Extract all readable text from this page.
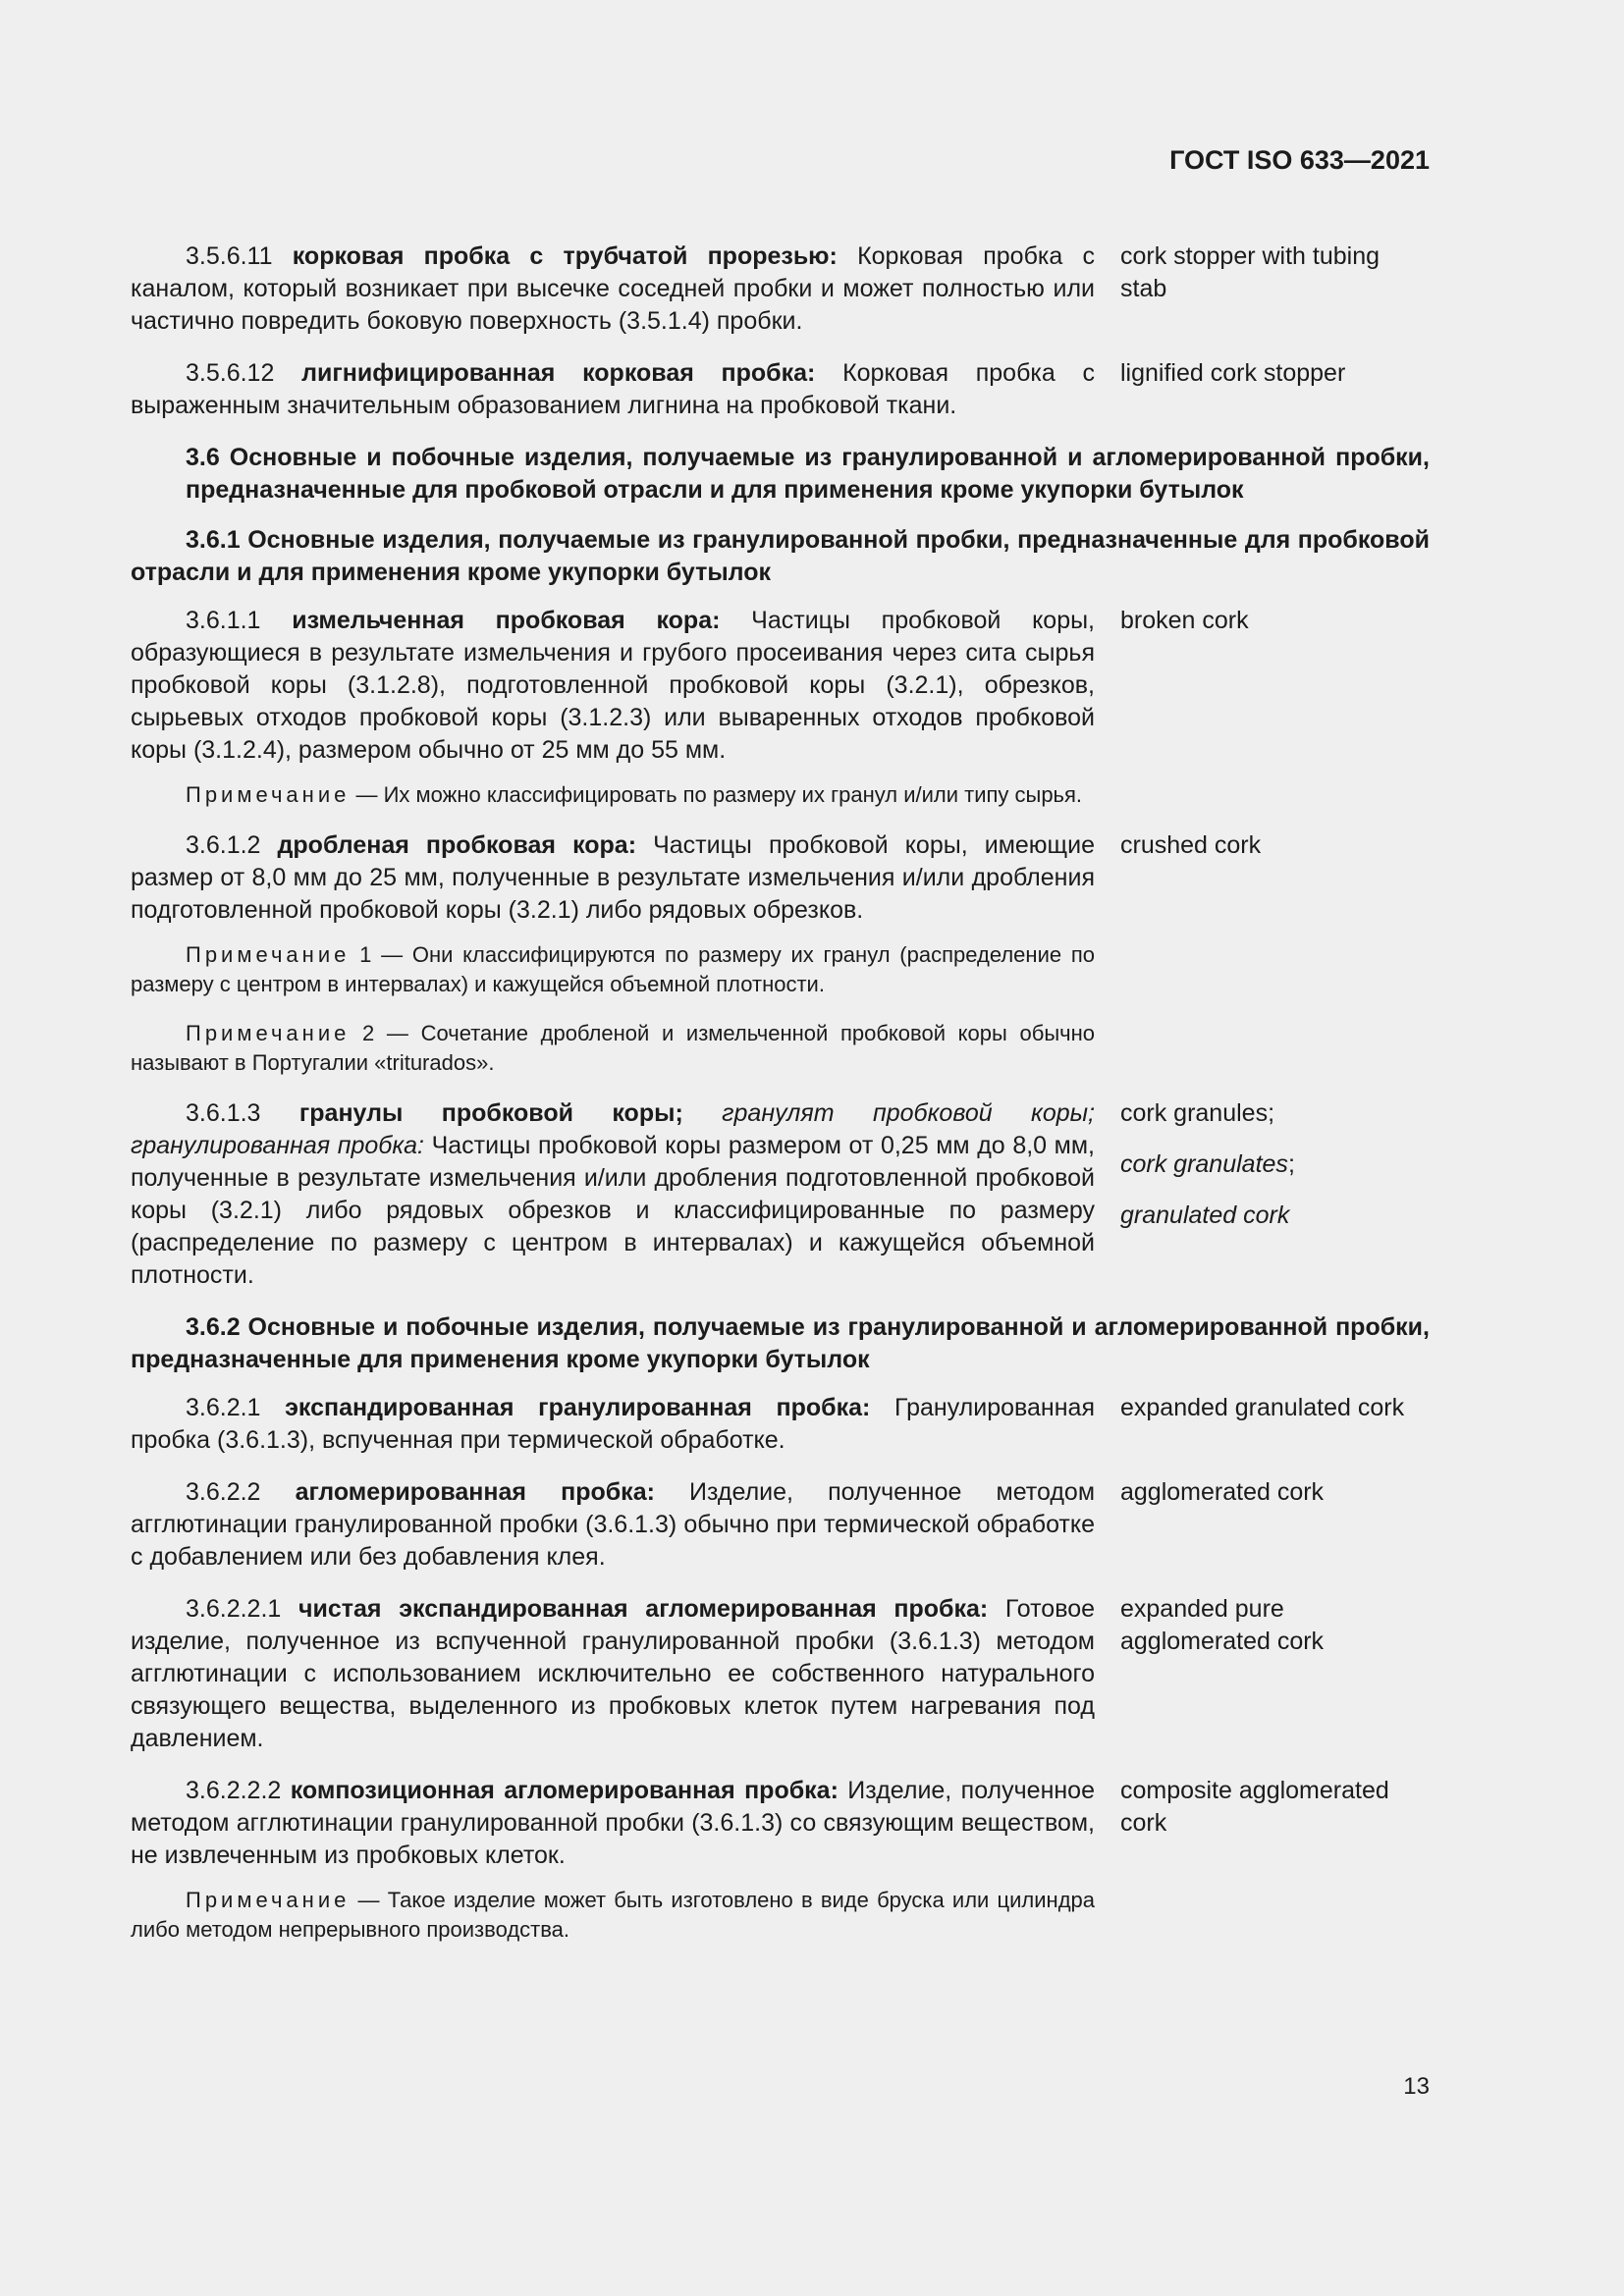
ГОСТ ISO 633—2021
3.5.6.11 корковая пробка с трубчатой прорезью: Корковая пробка с каналом, который возникает при высечке соседней пробки и может полностью или частично повредить боковую поверхность (3.5.1.4) пробки.
cork stopper with tubing stab
3.5.6.12 лигнифицированная корковая пробка: Корковая пробка с выраженным значительным образованием лигнина на пробковой ткани.
lignified cork stopper
3.6 Основные и побочные изделия, получаемые из гранулированной и агломерированной пробки, предназначенные для пробковой отрасли и для применения кроме укупорки бутылок
3.6.1 Основные изделия, получаемые из гранулированной пробки, предназначенные для пробковой отрасли и для применения кроме укупорки бутылок
3.6.1.1 измельченная пробковая кора: Частицы пробковой коры, образующиеся в результате измельчения и грубого просеивания через сита сырья пробковой коры (3.1.2.8), подготовленной пробковой коры (3.2.1), обрезков, сырьевых отходов пробковой коры (3.1.2.3) или вываренных отходов пробковой коры (3.1.2.4), размером обычно от 25 мм до 55 мм.
broken cork
Примечание — Их можно классифицировать по размеру их гранул и/или типу сырья.
3.6.1.2 дробленая пробковая кора: Частицы пробковой коры, имеющие размер от 8,0 мм до 25 мм, полученные в результате измельчения и/или дробления подготовленной пробковой коры (3.2.1) либо рядовых обрезков.
crushed cork
Примечание 1 — Они классифицируются по размеру их гранул (распределение по размеру с центром в интервалах) и кажущейся объемной плотности.
Примечание 2 — Сочетание дробленой и измельченной пробковой коры обычно называют в Португалии «triturados».
3.6.1.3 гранулы пробковой коры; гранулят пробковой коры; гранулированная пробка: Частицы пробковой коры размером от 0,25 мм до 8,0 мм, полученные в результате измельчения и/или дробления подготовленной пробковой коры (3.2.1) либо рядовых обрезков и классифицированные по размеру (распределение по размеру с центром в интервалах) и кажущейся объемной плотности.
cork granules;
cork granulates;
granulated cork
3.6.2 Основные и побочные изделия, получаемые из гранулированной и агломерированной пробки, предназначенные для применения кроме укупорки бутылок
3.6.2.1 экспандированная гранулированная пробка: Гранулированная пробка (3.6.1.3), вспученная при термической обработке.
expanded granulated cork
3.6.2.2 агломерированная пробка: Изделие, полученное методом агглютинации гранулированной пробки (3.6.1.3) обычно при термической обработке с добавлением или без добавления клея.
agglomerated cork
3.6.2.2.1 чистая экспандированная агломерированная пробка: Готовое изделие, полученное из вспученной гранулированной пробки (3.6.1.3) методом агглютинации с использованием исключительно ее собственного натурального связующего вещества, выделенного из пробковых клеток путем нагревания под давлением.
expanded pure agglomerated cork
3.6.2.2.2 композиционная агломерированная пробка: Изделие, полученное методом агглютинации гранулированной пробки (3.6.1.3) со связующим веществом, не извлеченным из пробковых клеток.
composite agglomerated cork
Примечание — Такое изделие может быть изготовлено в виде бруска или цилиндра либо методом непрерывного производства.
13
